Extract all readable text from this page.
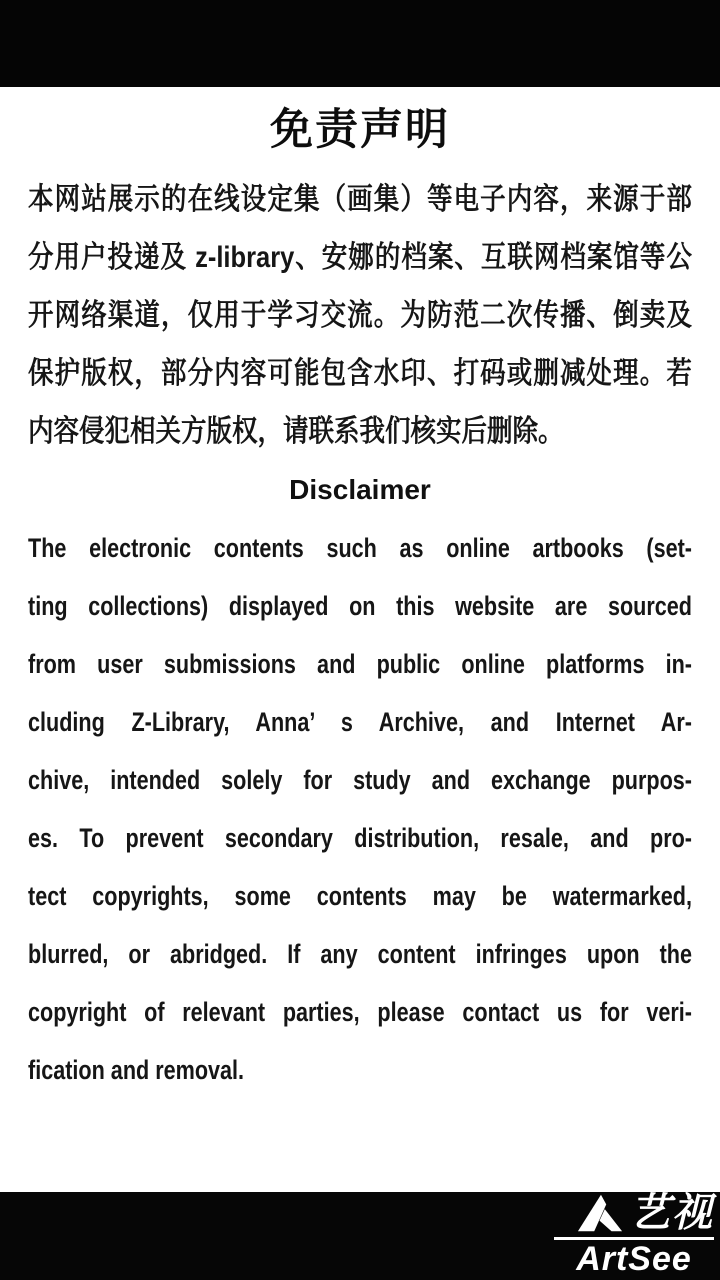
免责声明
本网站展示的在线设定集（画集）等电子内容，来源于部
分用户投递及 z-library、安娜的档案、互联网档案馆等公
开网络渠道，仅用于学习交流。为防范二次传播、倒卖及
保护版权，部分内容可能包含水印、打码或删减处理。若
内容侵犯相关方版权，请联系我们核实后删除。
Disclaimer
The electronic contents such as online artbooks (set-
ting collections) displayed on this website are sourced
from user submissions and public online platforms in-
cluding Z-Library, Anna’ s Archive, and Internet Ar-
chive, intended solely for study and exchange purpos-
es. To prevent secondary distribution, resale, and pro-
tect copyrights, some contents may be watermarked,
blurred, or abridged. If any content infringes upon the
copyright of relevant parties, please contact us for veri-
fication and removal.
艺视
ArtSee
